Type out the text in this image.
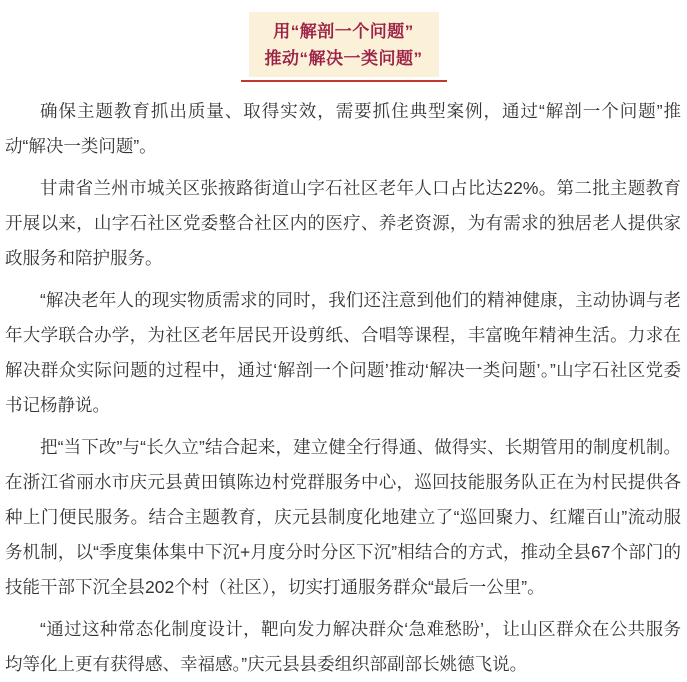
用“解剖一个问题”
推动“解决一类问题”

确保主题教育抓出质量、取得实效，需要抓住典型案例，通过“解剖一个问题”推动“解决一类问题”。

甘肃省兰州市城关区张掖路街道山字石社区老年人口占比达22%。第二批主题教育开展以来，山字石社区党委整合社区内的医疗、养老资源，为有需求的独居老人提供家政服务和陪护服务。

“解决老年人的现实物质需求的同时，我们还注意到他们的精神健康，主动协调与老年大学联合办学，为社区老年居民开设剪纸、合唱等课程，丰富晚年精神生活。力求在解决群众实际问题的过程中，通过‘解剖一个问题’推动‘解决一类问题’。”山字石社区党委书记杨静说。

把“当下改”与“长久立”结合起来，建立健全行得通、做得实、长期管用的制度机制。在浙江省丽水市庆元县黄田镇陈边村党群服务中心，巡回技能服务队正在为村民提供各种上门便民服务。结合主题教育，庆元县制度化地建立了“巡回聚力、红耀百山”流动服务机制，以“季度集体集中下沉+月度分时分区下沉”相结合的方式，推动全县67个部门的技能干部下沉全县202个村（社区），切实打通服务群众“最后一公里”。

“通过这种常态化制度设计，靶向发力解决群众‘急难愁盼’，让山区群众在公共服务均等化上更有获得感、幸福感。”庆元县县委组织部副部长姚德飞说。
